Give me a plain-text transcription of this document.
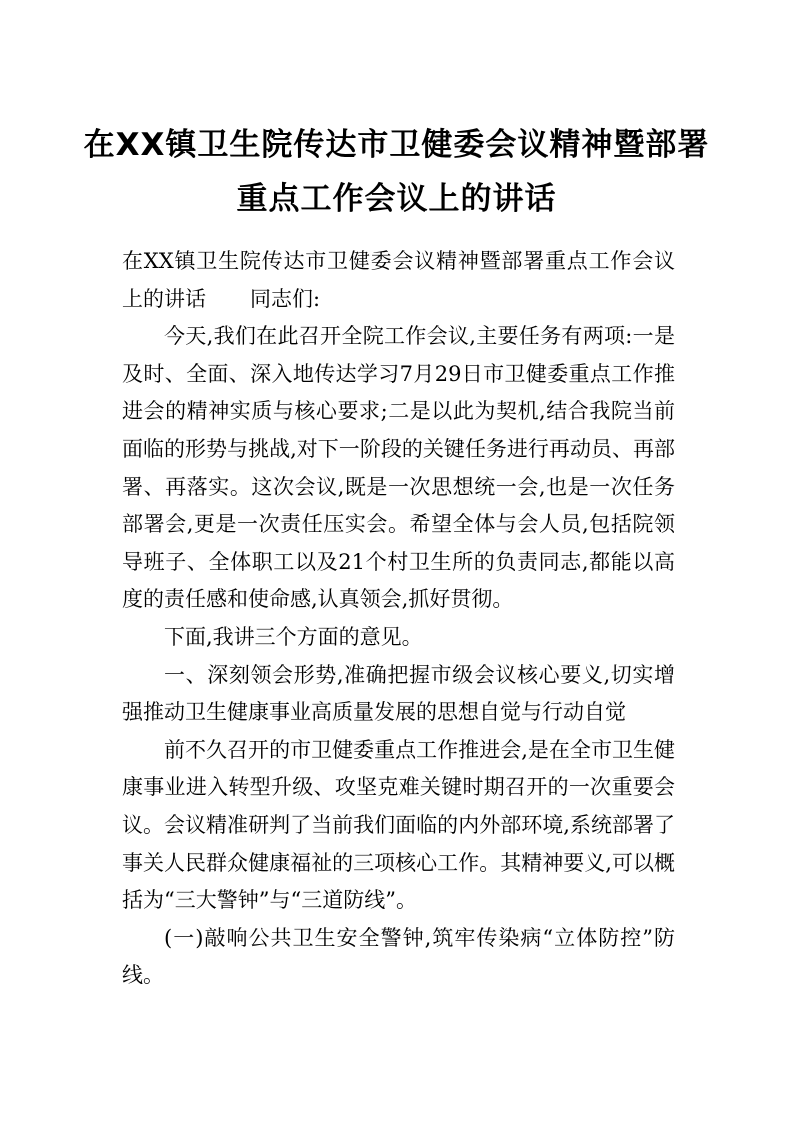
在XX镇卫生院传达市卫健委会议精神暨部署重点工作会议上的讲话

在XX镇卫生院传达市卫健委会议精神暨部署重点工作会议上的讲话 同志们:

今天,我们在此召开全院工作会议,主要任务有两项:一是及时、全面、深入地传达学习7月29日市卫健委重点工作推进会的精神实质与核心要求;二是以此为契机,结合我院当前面临的形势与挑战,对下一阶段的关键任务进行再动员、再部署、再落实。这次会议,既是一次思想统一会,也是一次任务部署会,更是一次责任压实会。希望全体与会人员,包括院领导班子、全体职工以及21个村卫生所的负责同志,都能以高度的责任感和使命感,认真领会,抓好贯彻。

下面,我讲三个方面的意见。

一、深刻领会形势,准确把握市级会议核心要义,切实增强推动卫生健康事业高质量发展的思想自觉与行动自觉

前不久召开的市卫健委重点工作推进会,是在全市卫生健康事业进入转型升级、攻坚克难关键时期召开的一次重要会议。会议精准研判了当前我们面临的内外部环境,系统部署了事关人民群众健康福祉的三项核心工作。其精神要义,可以概括为“三大警钟”与“三道防线”。

(一)敲响公共卫生安全警钟,筑牢传染病“立体防控”防线。
